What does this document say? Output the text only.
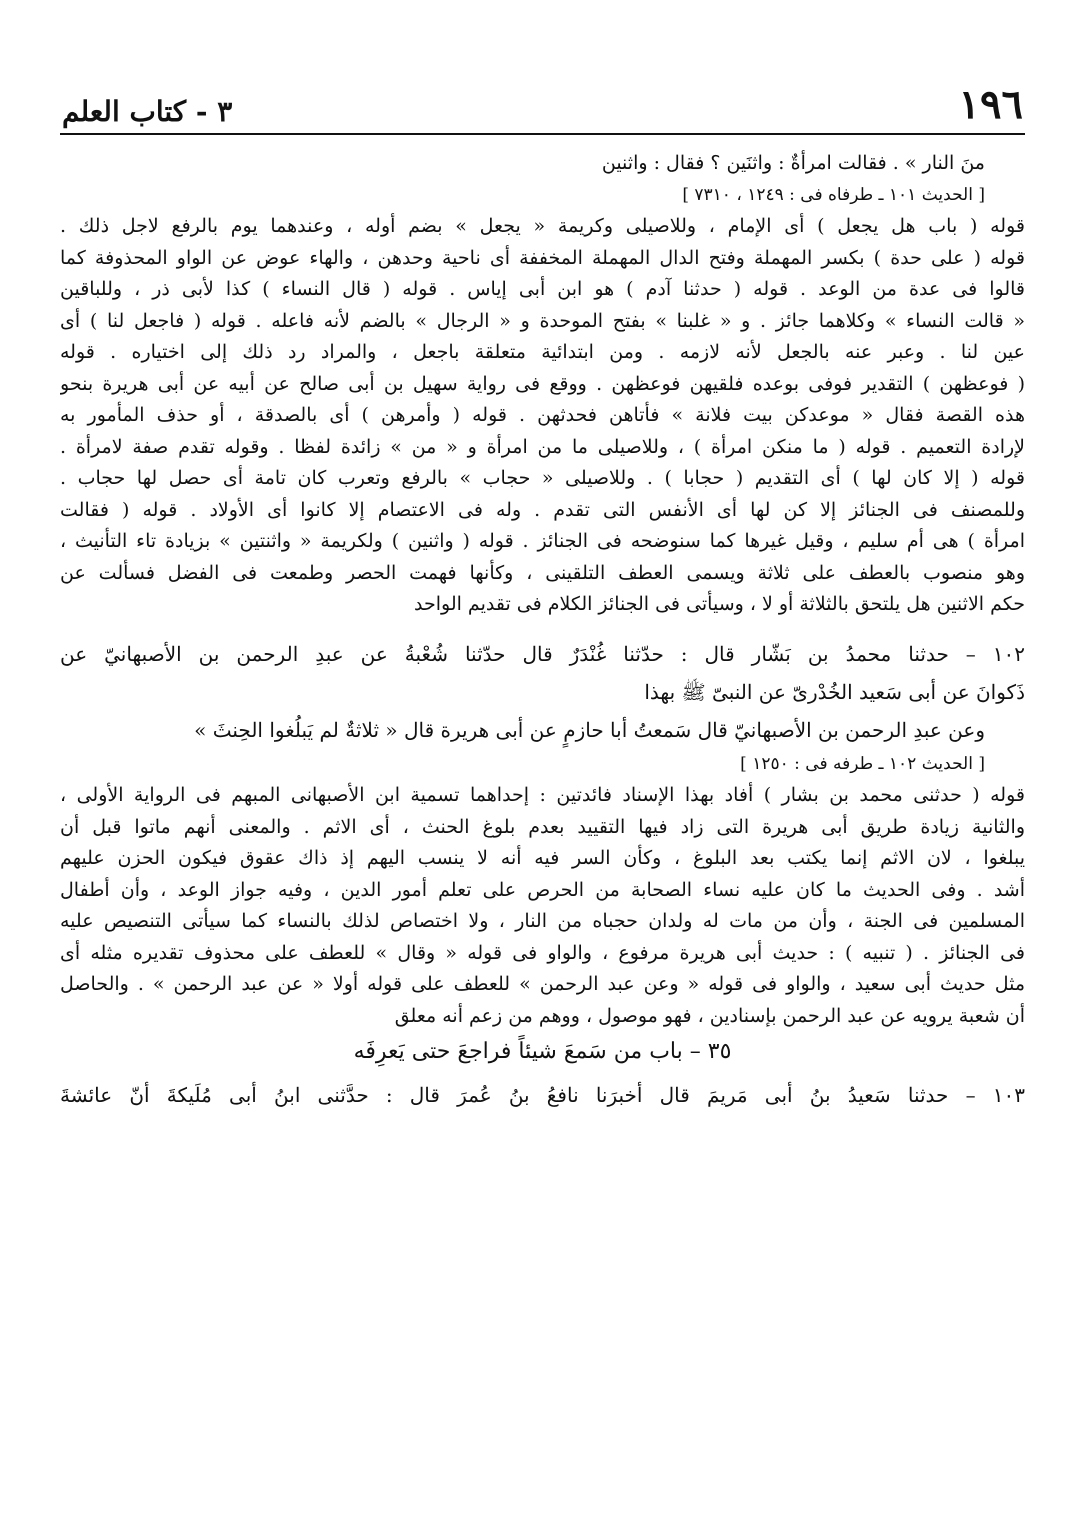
١٩٦
٣ - كتاب العلم
منَ النار » . فقالت امرأةٌ : واثنَين ؟ فقال : واثنين
[ الحديث ١٠١ ـ طرفاه فى : ١٢٤٩ ، ٧٣١٠ ]
قوله ( باب هل يجعل ) أى الإمام ، وللاصيلى وكريمة « يجعل » بضم أوله ، وعندهما يوم بالرفع لاجل ذلك .
قوله ( على حدة ) بكسر المهملة وفتح الدال المهملة المخففة أى ناحية وحدهن ، والهاء عوض عن الواو المحذوفة كما
قالوا فى عدة من الوعد . قوله ( حدثنا آدم ) هو ابن أبى إياس . قوله ( قال النساء ) كذا لأبى ذر ، وللباقين
« قالت النساء » وكلاهما جائز . و « غلبنا » بفتح الموحدة و « الرجال » بالضم لأنه فاعله . قوله ( فاجعل لنا ) أى
عين لنا . وعبر عنه بالجعل لأنه لازمه . ومن ابتدائية متعلقة باجعل ، والمراد رد ذلك إلى اختياره . قوله
( فوعظهن ) التقدير فوفى بوعده فلقيهن فوعظهن . ووقع فى رواية سهيل بن أبى صالح عن أبيه عن أبى هريرة بنحو
هذه القصة فقال « موعدكن بيت فلانة » فأتاهن فحدثهن . قوله ( وأمرهن ) أى بالصدقة ، أو حذف المأمور به
لإرادة التعميم . قوله ( ما منكن امرأة ) ، وللاصيلى ما من امرأة و « من » زائدة لفظا . وقوله تقدم صفة لامرأة .
قوله ( إلا كان لها ) أى التقديم ( حجابا ) . وللاصيلى « حجاب » بالرفع وتعرب كان تامة أى حصل لها حجاب .
وللمصنف فى الجنائز إلا كن لها أى الأنفس التى تقدم . وله فى الاعتصام إلا كانوا أى الأولاد . قوله ( فقالت
امرأة ) هى أم سليم ، وقيل غيرها كما سنوضحه فى الجنائز . قوله ( واثنين ) ولكريمة « واثنتين » بزيادة تاء التأنيث ،
وهو منصوب بالعطف على ثلاثة ويسمى العطف التلقينى ، وكأنها فهمت الحصر وطمعت فى الفضل فسألت عن
حكم الاثنين هل يلتحق بالثلاثة أو لا ، وسيأتى فى الجنائز الكلام فى تقديم الواحد
١٠٢ – حدثنا محمدُ بن بَشّار قال : حدّثنا غُنْدَرٌ قال حدّثنا شُعْبةُ عن عبدِ الرحمن بن الأصبهانيّ عن
ذَكوانَ عن أبى سَعيد الخُدْرىّ عن النبىّ ﷺ بهذا
وعن عبدِ الرحمن بن الأصبهانيّ قال سَمعتُ أبا حازمٍ عن أبى هريرة قال « ثلاثةٌ لم يَبلُغوا الحِنثَ »
[ الحديث ١٠٢ ـ طرفه فى : ١٢٥٠ ]
قوله ( حدثنى محمد بن بشار ) أفاد بهذا الإسناد فائدتين : إحداهما تسمية ابن الأصبهانى المبهم فى الرواية الأولى ،
والثانية زيادة طريق أبى هريرة التى زاد فيها التقييد بعدم بلوغ الحنث ، أى الاثم . والمعنى أنهم ماتوا قبل أن
يبلغوا ، لان الاثم إنما يكتب بعد البلوغ ، وكأن السر فيه أنه لا ينسب اليهم إذ ذاك عقوق فيكون الحزن عليهم
أشد . وفى الحديث ما كان عليه نساء الصحابة من الحرص على تعلم أمور الدين ، وفيه جواز الوعد ، وأن أطفال
المسلمين فى الجنة ، وأن من مات له ولدان حجباه من النار ، ولا اختصاص لذلك بالنساء كما سيأتى التنصيص عليه
فى الجنائز . ( تنبيه ) : حديث أبى هريرة مرفوع ، والواو فى قوله « وقال » للعطف على محذوف تقديره مثله أى
مثل حديث أبى سعيد ، والواو فى قوله « وعن عبد الرحمن » للعطف على قوله أولا « عن عبد الرحمن » . والحاصل
أن شعبة يرويه عن عبد الرحمن بإسنادين ، فهو موصول ، ووهم من زعم أنه معلق
٣٥ – باب من سَمعَ شيئاً فراجعَ حتى يَعرِفَه
١٠٣ – حدثنا سَعيدُ بنُ أبى مَريمَ قال أخبرَنا نافعُ بنُ عُمرَ قال : حدَّثنى ابنُ أبى مُلَيكةَ أنّ عائشةَ
